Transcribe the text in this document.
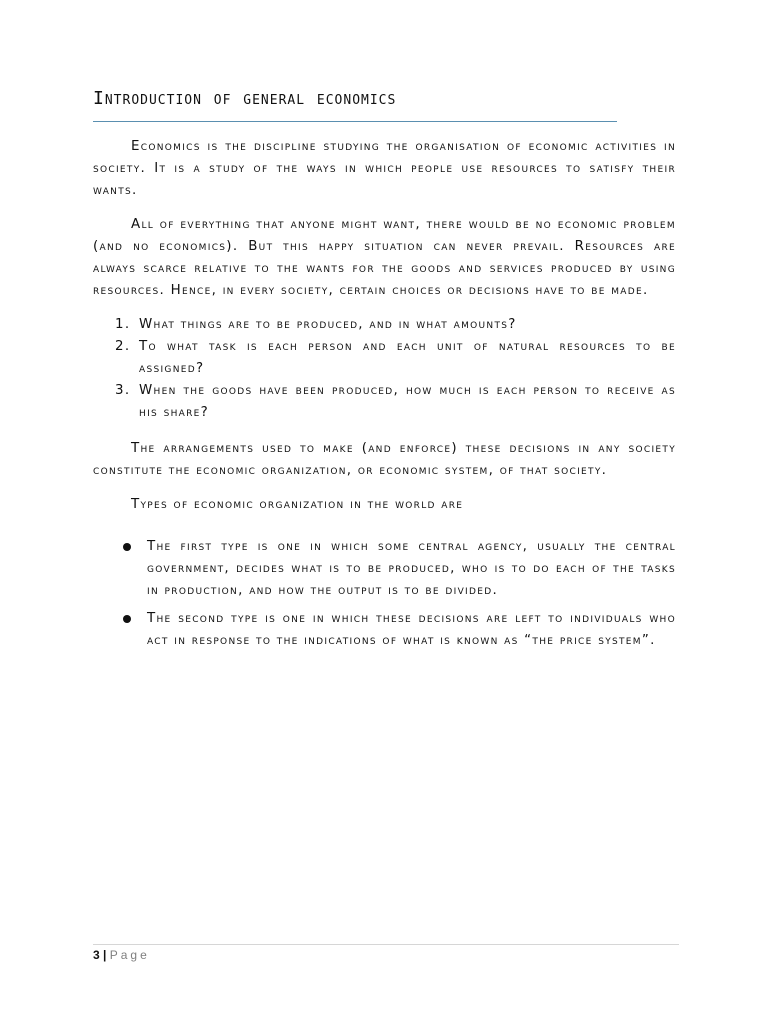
Introduction of general economics

Economics is the discipline studying the organisation of economic activities in society. It is a study of the ways in which people use resources to satisfy their wants.

All of everything that anyone might want, there would be no economic problem (and no economics). But this happy situation can never prevail. Resources are always scarce relative to the wants for the goods and services produced by using resources. Hence, in every society, certain choices or decisions have to be made.

1. What things are to be produced, and in what amounts?
2. To what task is each person and each unit of natural resources to be assigned?
3. When the goods have been produced, how much is each person to receive as his share?

The arrangements used to make (and enforce) these decisions in any society constitute the economic organization, or economic system, of that society.

Types of economic organization in the world are

The first type is one in which some central agency, usually the central government, decides what is to be produced, who is to do each of the tasks in production, and how the output is to be divided.
The second type is one in which these decisions are left to individuals who act in response to the indications of what is known as “the price system”.
3 | Page
